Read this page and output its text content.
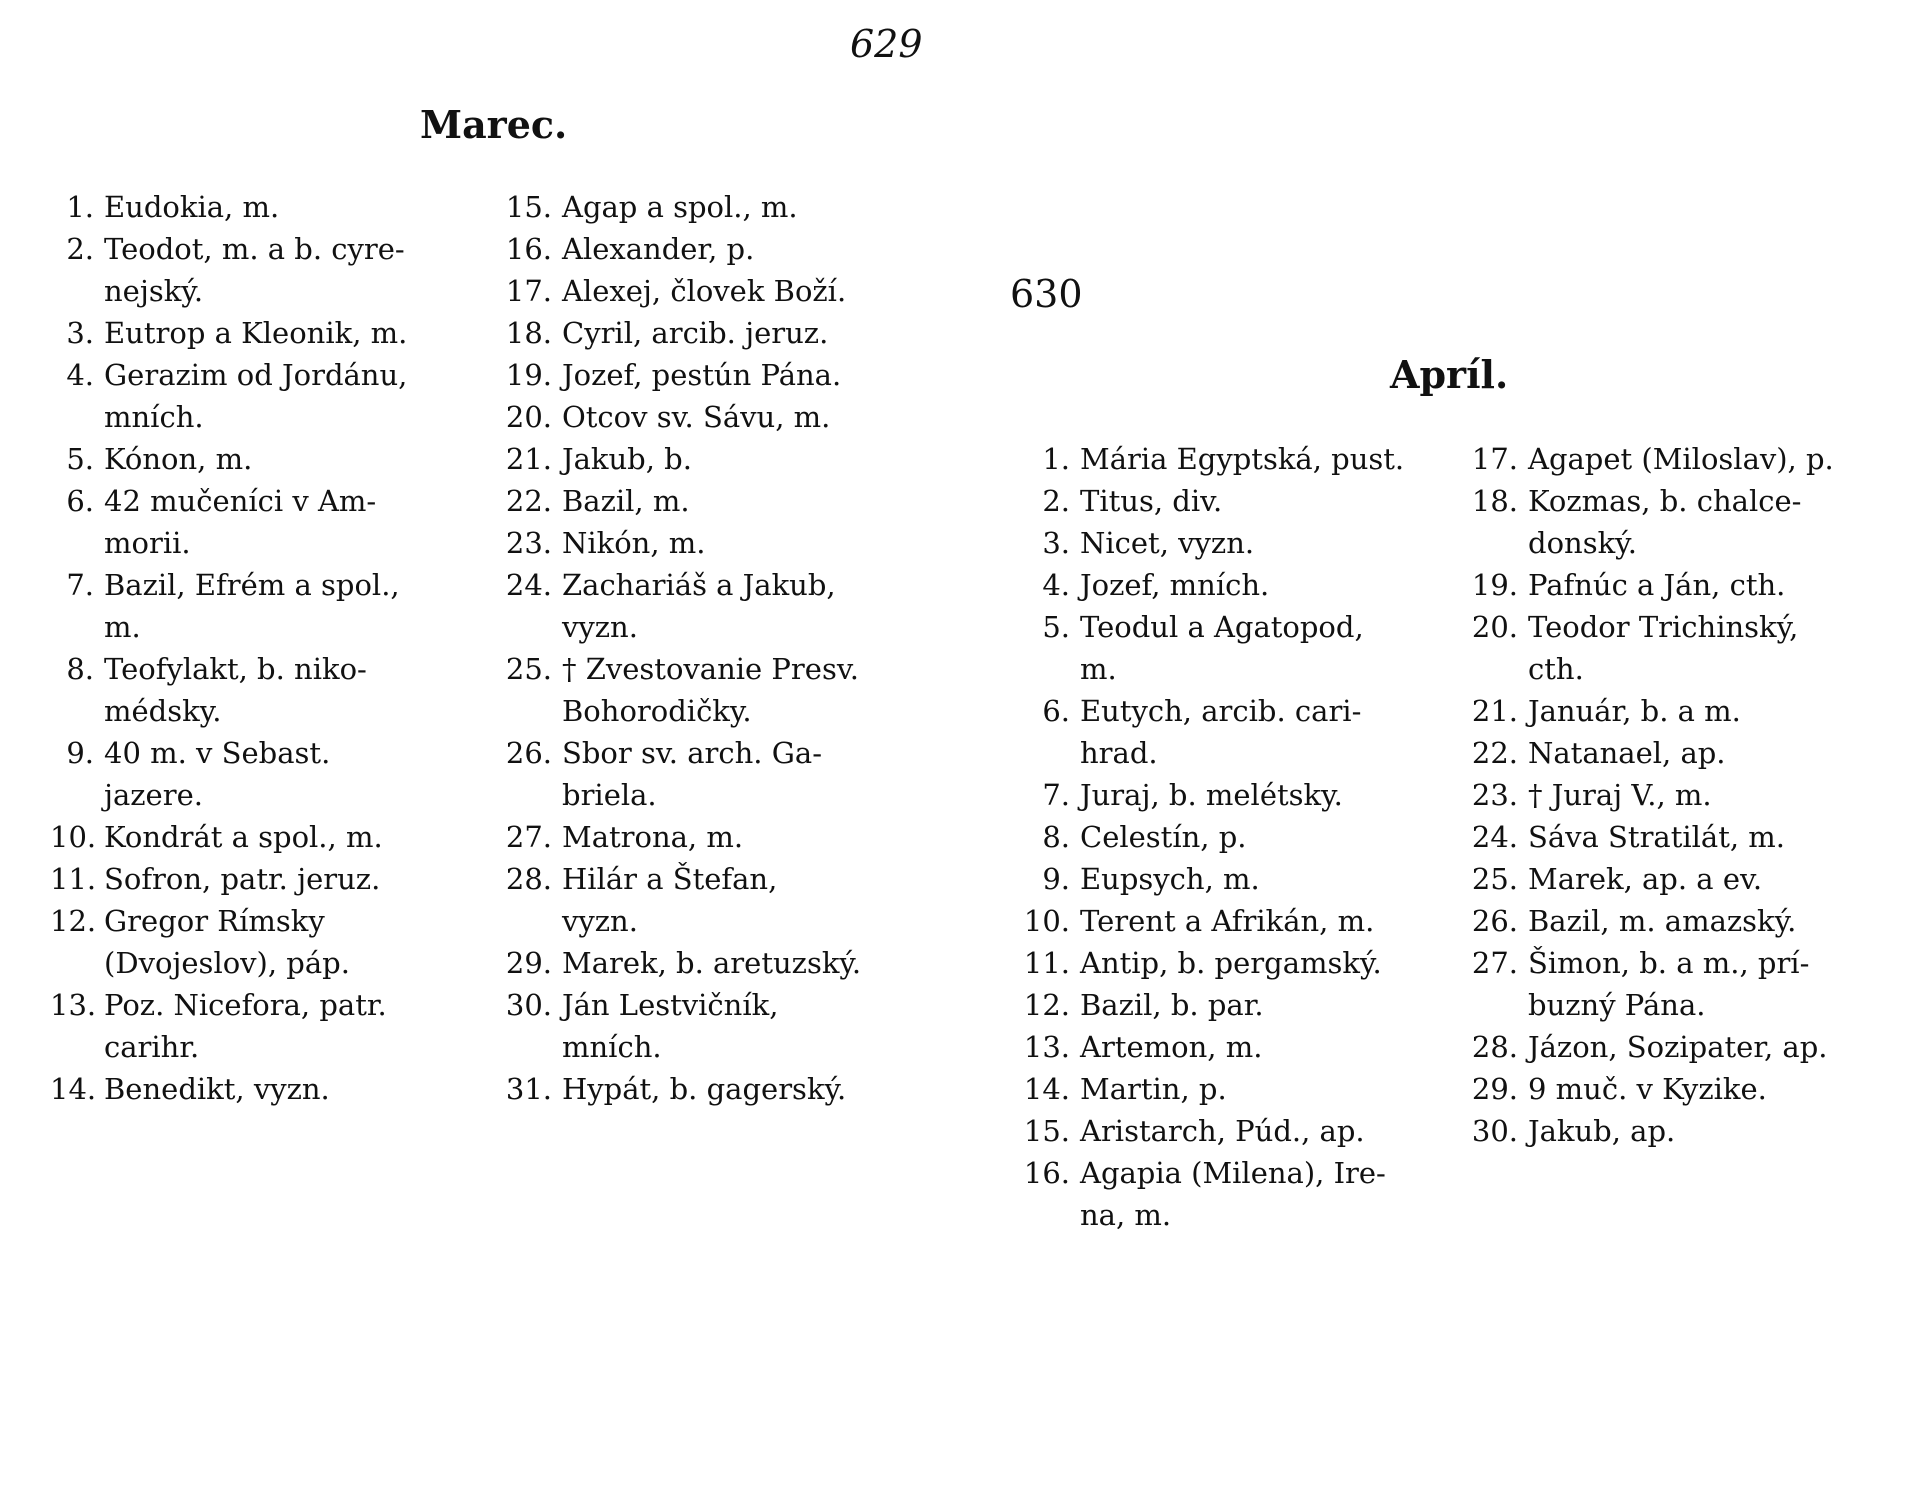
629
Marec.
1. Eudokia, m.
2. Teodot, m. a b. cyre-
nejský.
3. Eutrop a Kleonik, m.
4. Gerazim od Jordánu,
mních.
5. Kónon, m.
6. 42 mučeníci v Am-
morii.
7. Bazil, Efrém a spol.,
m.
8. Teofylakt, b. niko-
médsky.
9. 40 m. v Sebast.
jazere.
10. Kondrát a spol., m.
11. Sofron, patr. jeruz.
12. Gregor Rímsky
(Dvojeslov), páp.
13. Poz. Nicefora, patr.
carihr.
14. Benedikt, vyzn.
15. Agap a spol., m.
16. Alexander, p.
17. Alexej, človek Boží.
18. Cyril, arcib. jeruz.
19. Jozef, pestún Pána.
20. Otcov sv. Sávu, m.
21. Jakub, b.
22. Bazil, m.
23. Nikón, m.
24. Zachariáš a Jakub,
vyzn.
25. † Zvestovanie Presv.
Bohorodičky.
26. Sbor sv. arch. Ga-
briela.
27. Matrona, m.
28. Hilár a Štefan,
vyzn.
29. Marek, b. aretuzský.
30. Ján Lestvičník,
mních.
31. Hypát, b. gagerský.
630
Apríl.
1. Mária Egyptská, pust.
2. Titus, div.
3. Nicet, vyzn.
4. Jozef, mních.
5. Teodul a Agatopod,
m.
6. Eutych, arcib. cari-
hrad.
7. Juraj, b. melétsky.
8. Celestín, p.
9. Eupsych, m.
10. Terent a Afrikán, m.
11. Antip, b. pergamský.
12. Bazil, b. par.
13. Artemon, m.
14. Martin, p.
15. Aristarch, Púd., ap.
16. Agapia (Milena), Ire-
na, m.
17. Agapet (Miloslav), p.
18. Kozmas, b. chalce-
donský.
19. Pafnúc a Ján, cth.
20. Teodor Trichinský,
cth.
21. Január, b. a m.
22. Natanael, ap.
23. † Juraj V., m.
24. Sáva Stratilát, m.
25. Marek, ap. a ev.
26. Bazil, m. amazský.
27. Šimon, b. a m., prí-
buzný Pána.
28. Jázon, Sozipater, ap.
29. 9 muč. v Kyzike.
30. Jakub, ap.
